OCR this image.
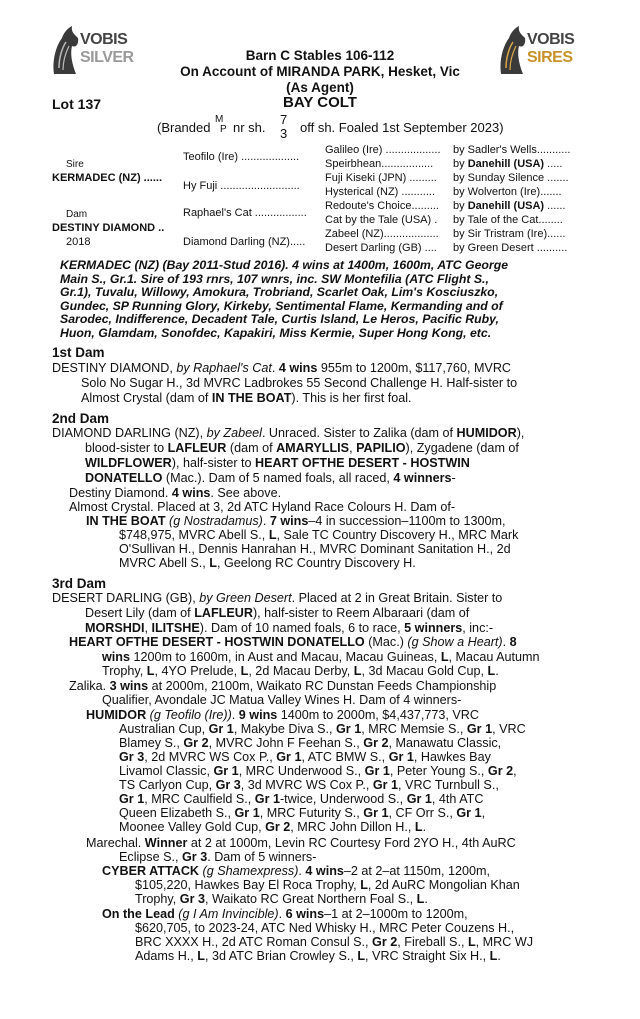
VOBIS
SILVER
VOBIS
SIRES
Barn C Stables 106-112
On Account of MIRANDA PARK, Hesket, Vic
(As Agent)
Lot 137	BAY COLT
(Branded
M
P nr sh.
7
3 off sh. Foaled 1st September 2023)
Sire
KERMADEC (NZ) ......
Dam
DESTINY DIAMOND ..
2018
Teofilo (Ire) ...................
Hy Fuji ..........................
Raphael's Cat .................
Diamond Darling (NZ).....
Galileo (Ire) ..................
Speirbhean.................
Fuji Kiseki (JPN) .........
Hysterical (NZ) ...........
Redoute's Choice.........
Cat by the Tale (USA) .
Zabeel (NZ)..................
Desert Darling (GB) ....
by Sadler's Wells...........
by Danehill (USA) .....
by Sunday Silence .......
by Wolverton (Ire).......
by Danehill (USA) ......
by Tale of the Cat........
by Sir Tristram (Ire)......
by Green Desert ..........
KERMADEC (NZ) (Bay 2011-Stud 2016). 4 wins at 1400m, 1600m, ATC George
Main S., Gr.1. Sire of 193 rnrs, 107 wnrs, inc. SW Montefilia (ATC Flight S.,
Gr.1), Tuvalu, Willowy, Amokura, Trobriand, Scarlet Oak, Lim's Kosciuszko,
Gundec, SP Running Glory, Kirkeby, Sentimental Flame, Kermanding and of
Sarodec, Indifference, Decadent Tale, Curtis Island, Le Heros, Pacific Ruby,
Huon, Glamdam, Sonofdec, Kapakiri, Miss Kermie, Super Hong Kong, etc.
1st Dam
DESTINY DIAMOND, by Raphael's Cat. 4 wins 955m to 1200m, $117,760, MVRC
Solo No Sugar H., 3d MVRC Ladbrokes 55 Second Challenge H. Half-sister to
Almost Crystal (dam of IN THE BOAT). This is her first foal.
2nd Dam
DIAMOND DARLING (NZ), by Zabeel. Unraced. Sister to Zalika (dam of HUMIDOR),
blood-sister to LAFLEUR (dam of AMARYLLIS, PAPILIO), Zygadene (dam of
WILDFLOWER), half-sister to HEART OFTHE DESERT - HOSTWIN
DONATELLO (Mac.). Dam of 5 named foals, all raced, 4 winners-
Destiny Diamond. 4 wins. See above.
Almost Crystal. Placed at 3, 2d ATC Hyland Race Colours H. Dam of-
IN THE BOAT (g Nostradamus). 7 wins–4 in succession–1100m to 1300m,
$748,975, MVRC Abell S., L, Sale TC Country Discovery H., MRC Mark
O'Sullivan H., Dennis Hanrahan H., MVRC Dominant Sanitation H., 2d
MVRC Abell S., L, Geelong RC Country Discovery H.
3rd Dam
DESERT DARLING (GB), by Green Desert. Placed at 2 in Great Britain. Sister to
Desert Lily (dam of LAFLEUR), half-sister to Reem Albaraari (dam of
MORSHDI, ILITSHE). Dam of 10 named foals, 6 to race, 5 winners, inc:-
HEART OFTHE DESERT - HOSTWIN DONATELLO (Mac.) (g Show a Heart). 8
wins 1200m to 1600m, in Aust and Macau, Macau Guineas, L, Macau Autumn
Trophy, L, 4YO Prelude, L, 2d Macau Derby, L, 3d Macau Gold Cup, L.
Zalika. 3 wins at 2000m, 2100m, Waikato RC Dunstan Feeds Championship
Qualifier, Avondale JC Matua Valley Wines H. Dam of 4 winners-
HUMIDOR (g Teofilo (Ire)). 9 wins 1400m to 2000m, $4,437,773, VRC
Australian Cup, Gr 1, Makybe Diva S., Gr 1, MRC Memsie S., Gr 1, VRC
Blamey S., Gr 2, MVRC John F Feehan S., Gr 2, Manawatu Classic,
Gr 3, 2d MVRC WS Cox P., Gr 1, ATC BMW S., Gr 1, Hawkes Bay
Livamol Classic, Gr 1, MRC Underwood S., Gr 1, Peter Young S., Gr 2,
TS Carlyon Cup, Gr 3, 3d MVRC WS Cox P., Gr 1, VRC Turnbull S.,
Gr 1, MRC Caulfield S., Gr 1-twice, Underwood S., Gr 1, 4th ATC
Queen Elizabeth S., Gr 1, MRC Futurity S., Gr 1, CF Orr S., Gr 1,
Moonee Valley Gold Cup, Gr 2, MRC John Dillon H., L.
Marechal. Winner at 2 at 1000m, Levin RC Courtesy Ford 2YO H., 4th AuRC
Eclipse S., Gr 3. Dam of 5 winners-
CYBER ATTACK (g Shamexpress). 4 wins–2 at 2–at 1150m, 1200m,
$105,220, Hawkes Bay El Roca Trophy, L, 2d AuRC Mongolian Khan
Trophy, Gr 3, Waikato RC Great Northern Foal S., L.
On the Lead (g I Am Invincible). 6 wins–1 at 2–1000m to 1200m,
$620,705, to 2023-24, ATC Ned Whisky H., MRC Peter Couzens H.,
BRC XXXX H., 2d ATC Roman Consul S., Gr 2, Fireball S., L, MRC WJ
Adams H., L, 3d ATC Brian Crowley S., L, VRC Straight Six H., L.
